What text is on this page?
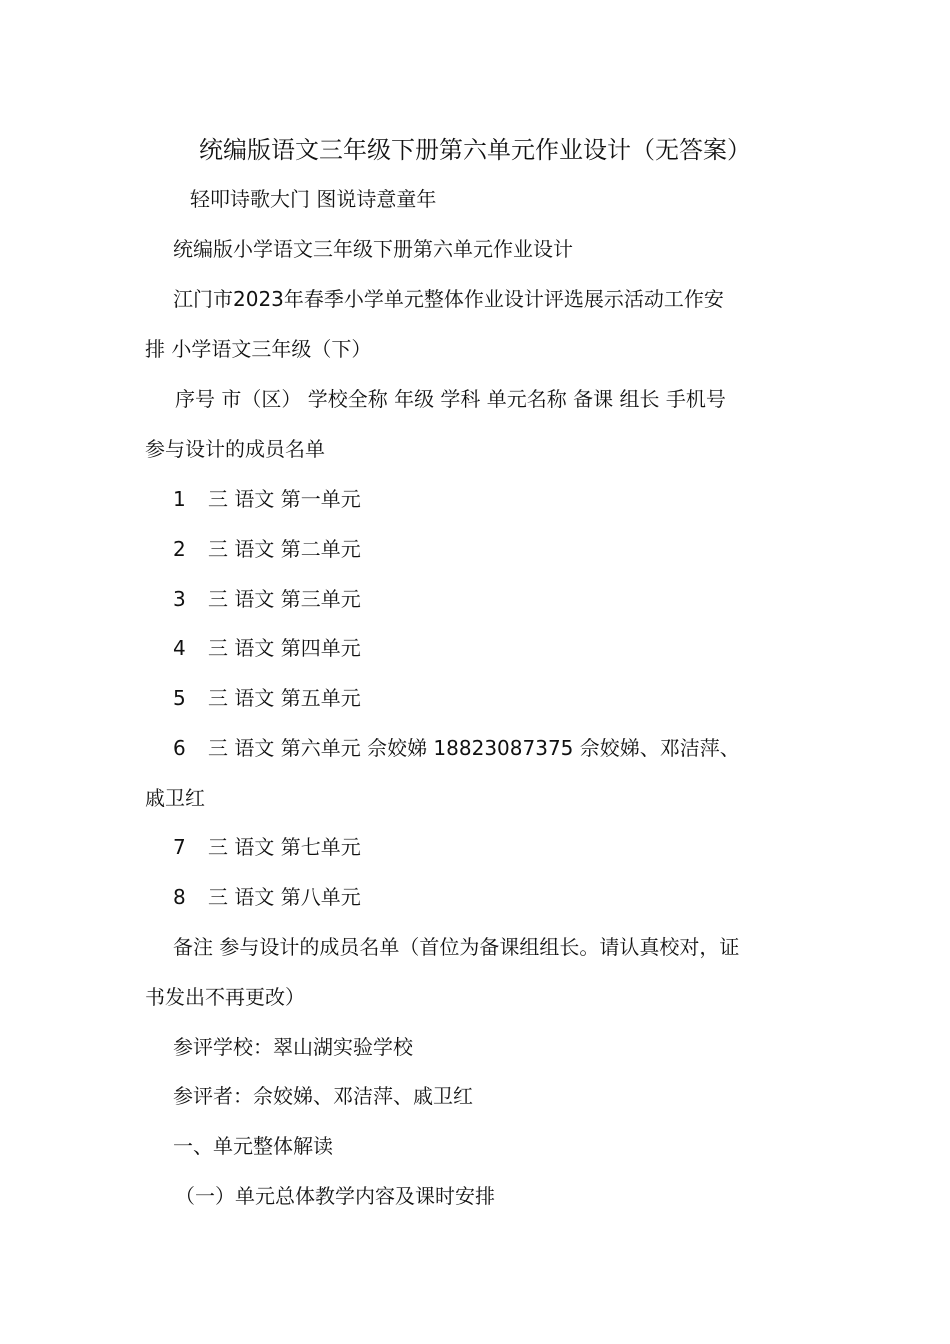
统编版语文三年级下册第六单元作业设计（无答案）
轻叩诗歌大门 图说诗意童年
统编版小学语文三年级下册第六单元作业设计
江门市2023年春季小学单元整体作业设计评选展示活动工作安
排 小学语文三年级（下）
序号 市（区） 学校全称 年级 学科 单元名称 备课 组长 手机号
参与设计的成员名单
1 三 语文 第一单元
2 三 语文 第二单元
3 三 语文 第三单元
4 三 语文 第四单元
5 三 语文 第五单元
6 三 语文 第六单元 佘姣娣 18823087375 佘姣娣、邓洁萍、
戚卫红
7 三 语文 第七单元
8 三 语文 第八单元
备注 参与设计的成员名单（首位为备课组组长。请认真校对，证
书发出不再更改）
参评学校：翠山湖实验学校
参评者：佘姣娣、邓洁萍、戚卫红
一、单元整体解读
（一）单元总体教学内容及课时安排
